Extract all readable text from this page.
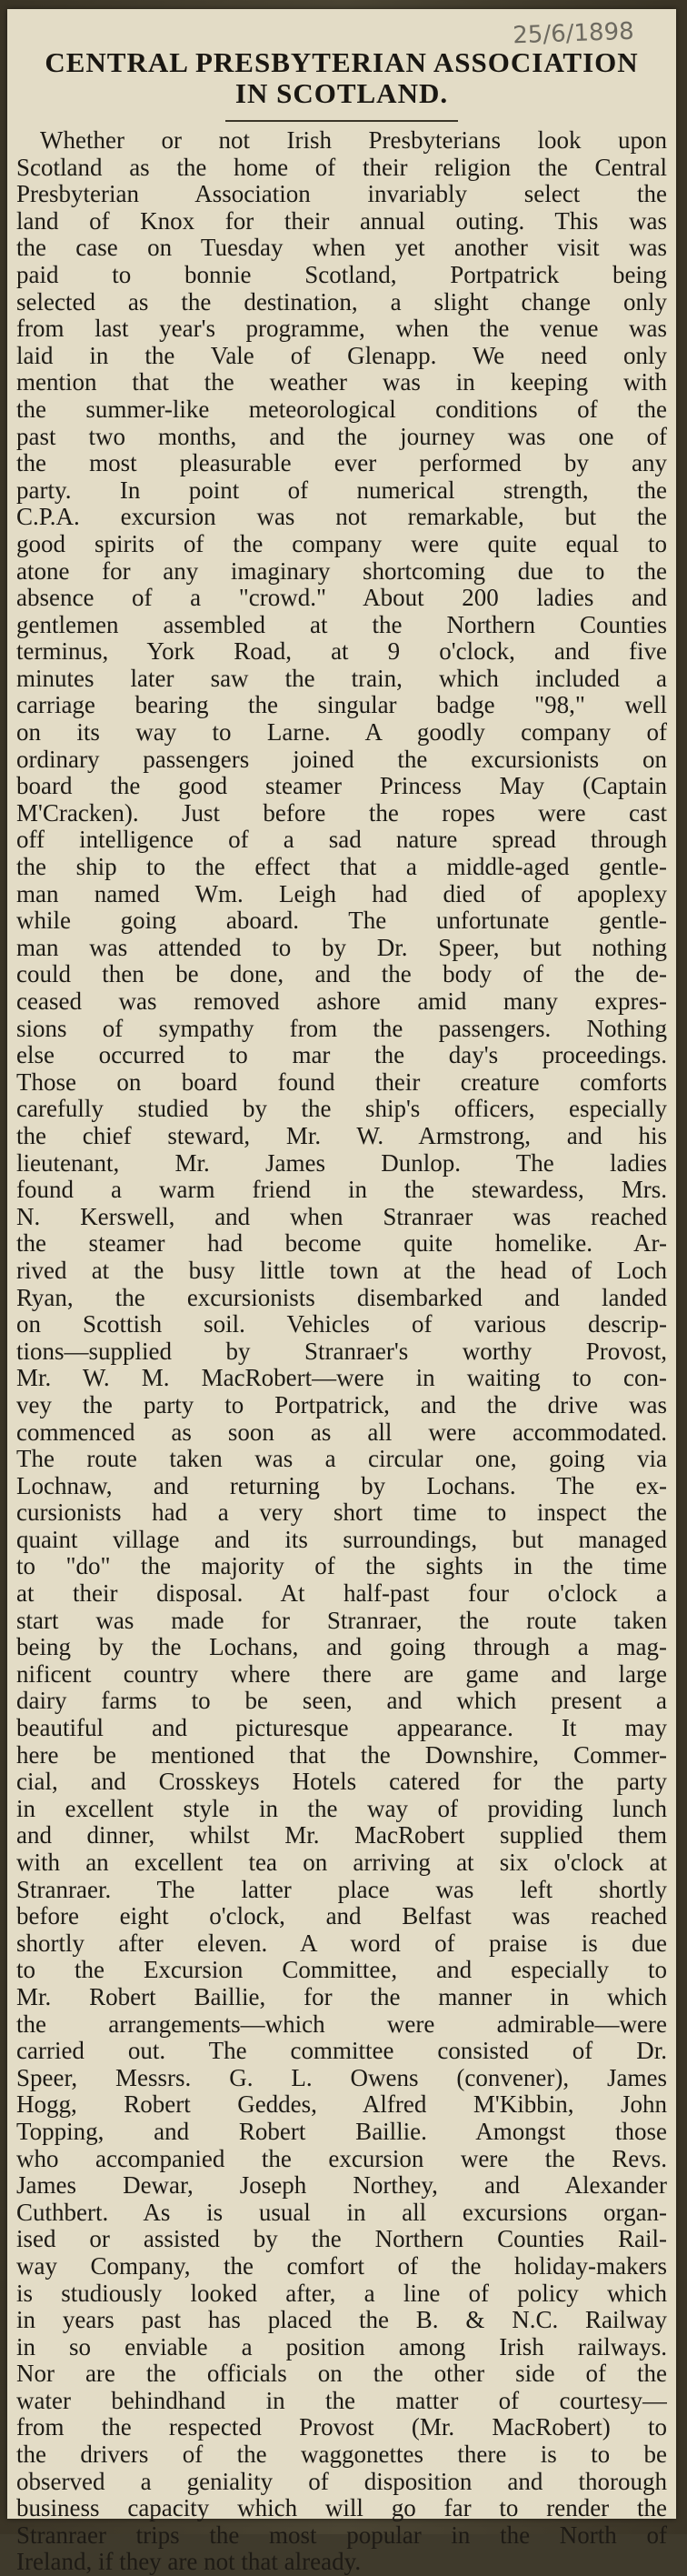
25/6/1898
CENTRAL PRESBYTERIAN ASSOCIATION
IN SCOTLAND.
Whether or not Irish Presbyterians look upon
Scotland as the home of their religion the Central
Presbyterian Association invariably select the
land of Knox for their annual outing. This was
the case on Tuesday when yet another visit was
paid to bonnie Scotland, Portpatrick being
selected as the destination, a slight change only
from last year's programme, when the venue was
laid in the Vale of Glenapp. We need only
mention that the weather was in keeping with
the summer-like meteorological conditions of the
past two months, and the journey was one of
the most pleasurable ever performed by any
party. In point of numerical strength, the
C.P.A. excursion was not remarkable, but the
good spirits of the company were quite equal to
atone for any imaginary shortcoming due to the
absence of a "crowd." About 200 ladies and
gentlemen assembled at the Northern Counties
terminus, York Road, at 9 o'clock, and five
minutes later saw the train, which included a
carriage bearing the singular badge "98," well
on its way to Larne. A goodly company of
ordinary passengers joined the excursionists on
board the good steamer Princess May (Captain
M'Cracken). Just before the ropes were cast
off intelligence of a sad nature spread through
the ship to the effect that a middle-aged gentle-
man named Wm. Leigh had died of apoplexy
while going aboard. The unfortunate gentle-
man was attended to by Dr. Speer, but nothing
could then be done, and the body of the de-
ceased was removed ashore amid many expres-
sions of sympathy from the passengers. Nothing
else occurred to mar the day's proceedings.
Those on board found their creature comforts
carefully studied by the ship's officers, especially
the chief steward, Mr. W. Armstrong, and his
lieutenant, Mr. James Dunlop. The ladies
found a warm friend in the stewardess, Mrs.
N. Kerswell, and when Stranraer was reached
the steamer had become quite homelike. Ar-
rived at the busy little town at the head of Loch
Ryan, the excursionists disembarked and landed
on Scottish soil. Vehicles of various descrip-
tions—supplied by Stranraer's worthy Provost,
Mr. W. M. MacRobert—were in waiting to con-
vey the party to Portpatrick, and the drive was
commenced as soon as all were accommodated.
The route taken was a circular one, going via
Lochnaw, and returning by Lochans. The ex-
cursionists had a very short time to inspect the
quaint village and its surroundings, but managed
to "do" the majority of the sights in the time
at their disposal. At half-past four o'clock a
start was made for Stranraer, the route taken
being by the Lochans, and going through a mag-
nificent country where there are game and large
dairy farms to be seen, and which present a
beautiful and picturesque appearance. It may
here be mentioned that the Downshire, Commer-
cial, and Crosskeys Hotels catered for the party
in excellent style in the way of providing lunch
and dinner, whilst Mr. MacRobert supplied them
with an excellent tea on arriving at six o'clock at
Stranraer. The latter place was left shortly
before eight o'clock, and Belfast was reached
shortly after eleven. A word of praise is due
to the Excursion Committee, and especially to
Mr. Robert Baillie, for the manner in which
the arrangements—which were admirable—were
carried out. The committee consisted of Dr.
Speer, Messrs. G. L. Owens (convener), James
Hogg, Robert Geddes, Alfred M'Kibbin, John
Topping, and Robert Baillie. Amongst those
who accompanied the excursion were the Revs.
James Dewar, Joseph Northey, and Alexander
Cuthbert. As is usual in all excursions organ-
ised or assisted by the Northern Counties Rail-
way Company, the comfort of the holiday-makers
is studiously looked after, a line of policy which
in years past has placed the B. & N.C. Railway
in so enviable a position among Irish railways.
Nor are the officials on the other side of the
water behindhand in the matter of courtesy—
from the respected Provost (Mr. MacRobert) to
the drivers of the waggonettes there is to be
observed a geniality of disposition and thorough
business capacity which will go far to render the
Stranraer trips the most popular in the North of
Ireland, if they are not that already.
